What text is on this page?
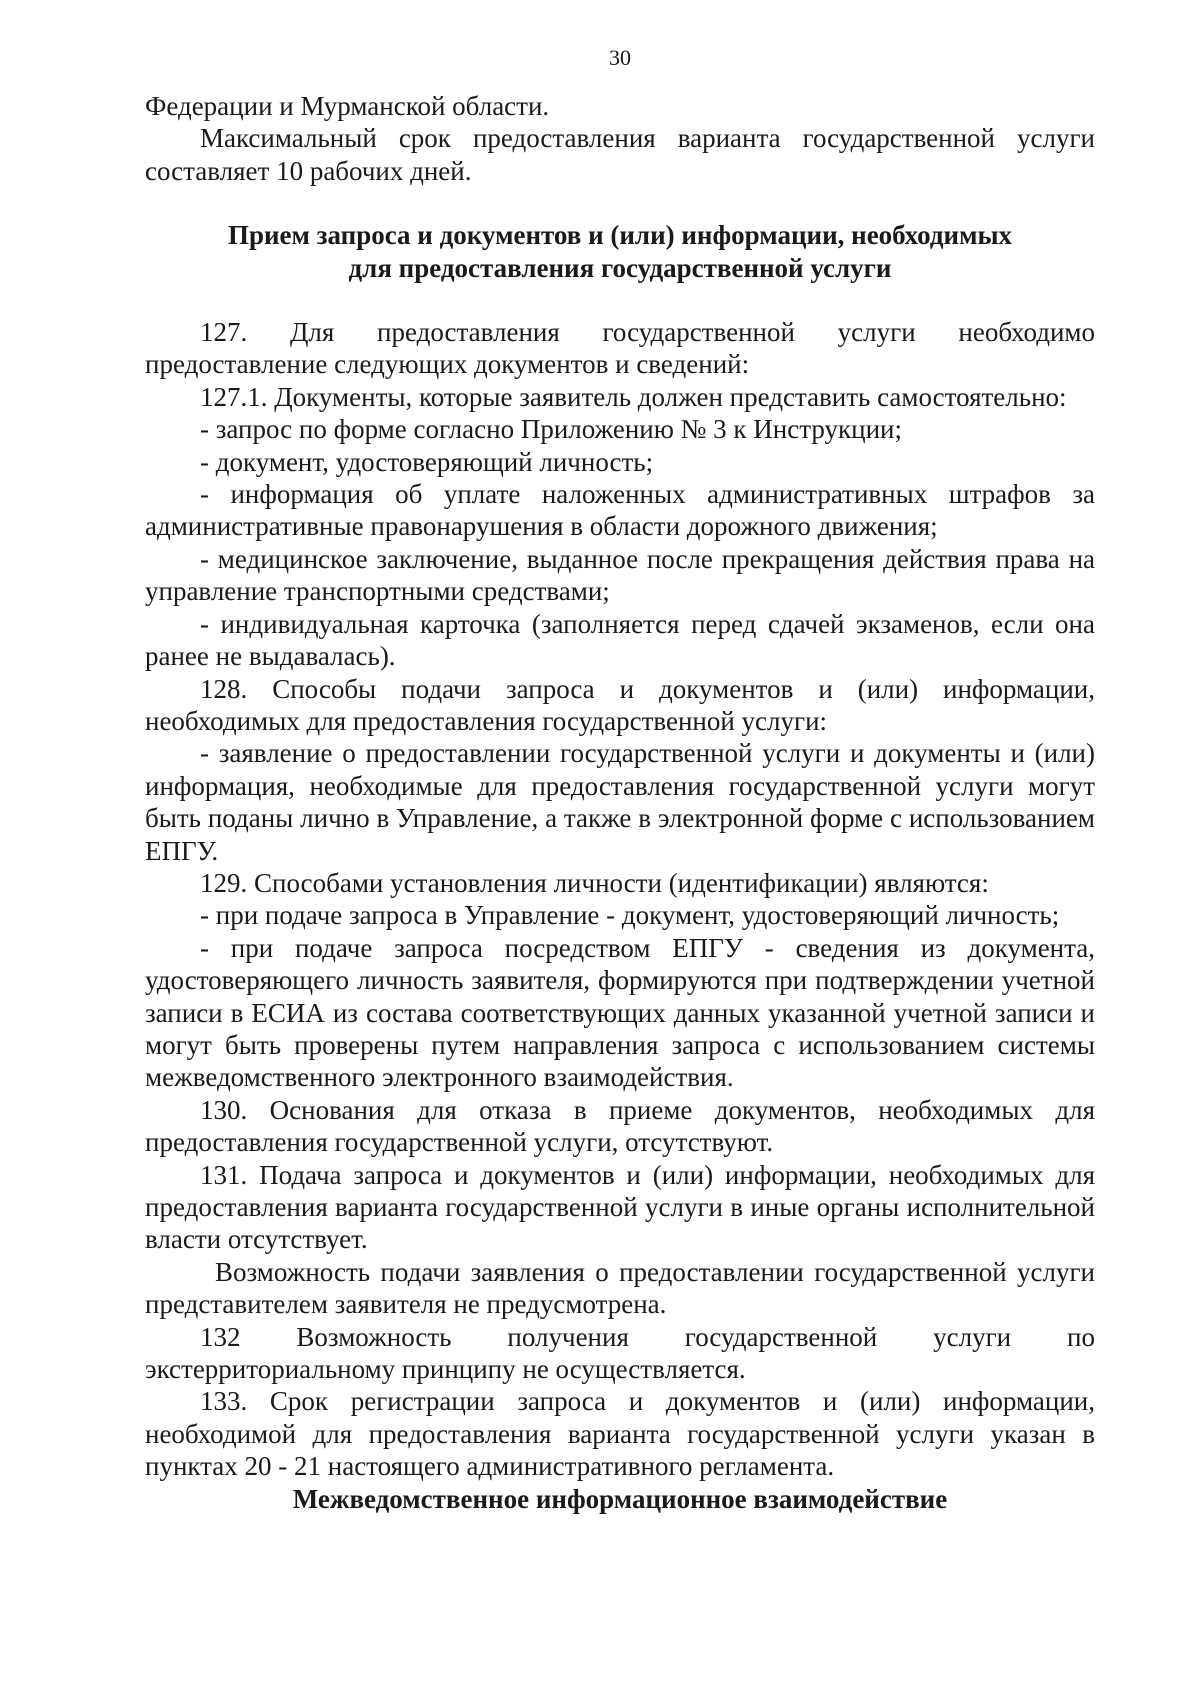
30

Федерации и Мурманской области.

Максимальный срок предоставления варианта государственной услуги составляет 10 рабочих дней.

Прием запроса и документов и (или) информации, необходимых
для предоставления государственной услуги

127. Для предоставления государственной услуги необходимо предоставление следующих документов и сведений:

127.1. Документы, которые заявитель должен представить самостоятельно:

- запрос по форме согласно Приложению № 3 к Инструкции;

- документ, удостоверяющий личность;

- информация об уплате наложенных административных штрафов за административные правонарушения в области дорожного движения;

- медицинское заключение, выданное после прекращения действия права на управление транспортными средствами;

- индивидуальная карточка (заполняется перед сдачей экзаменов, если она ранее не выдавалась).

128. Способы подачи запроса и документов и (или) информации, необходимых для предоставления государственной услуги:

- заявление о предоставлении государственной услуги и документы и (или) информация, необходимые для предоставления государственной услуги могут быть поданы лично в Управление, а также в электронной форме с использованием ЕПГУ.

129. Способами установления личности (идентификации) являются:

- при подаче запроса в Управление - документ, удостоверяющий личность;

- при подаче запроса посредством ЕПГУ - сведения из документа, удостоверяющего личность заявителя, формируются при подтверждении учетной записи в ЕСИА из состава соответствующих данных указанной учетной записи и могут быть проверены путем направления запроса с использованием системы межведомственного электронного взаимодействия.

130. Основания для отказа в приеме документов, необходимых для предоставления государственной услуги, отсутствуют.

131. Подача запроса и документов и (или) информации, необходимых для предоставления варианта государственной услуги в иные органы исполнительной власти отсутствует.

Возможность подачи заявления о предоставлении государственной услуги представителем заявителя не предусмотрена.

132 Возможность получения государственной услуги по экстерриториальному принципу не осуществляется.

133. Срок регистрации запроса и документов и (или) информации, необходимой для предоставления варианта государственной услуги указан в пунктах 20 - 21 настоящего административного регламента.

Межведомственное информационное взаимодействие
